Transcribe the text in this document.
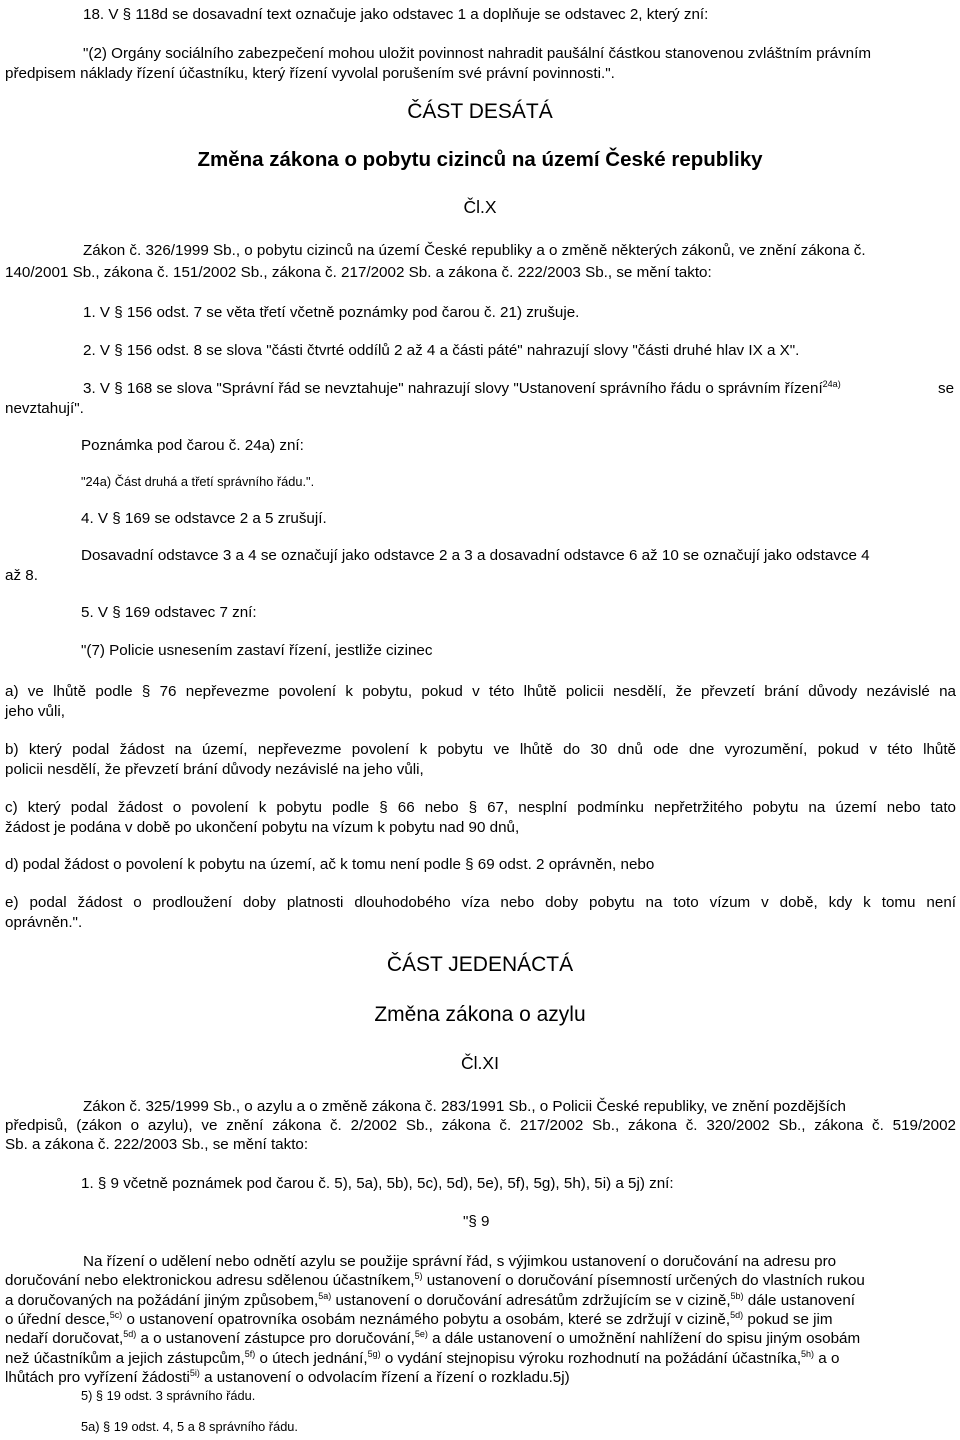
18. V § 118d se dosavadní text označuje jako odstavec 1 a doplňuje se odstavec 2, který zní:
"(2) Orgány sociálního zabezpečení mohou uložit povinnost nahradit paušální částkou stanovenou zvláštním právním
předpisem náklady řízení účastníku, který řízení vyvolal porušením své právní povinnosti.".
ČÁST DESÁTÁ
Změna zákona o pobytu cizinců na území České republiky
Čl.X
Zákon č. 326/1999 Sb., o pobytu cizinců na území České republiky a o změně některých zákonů, ve znění zákona č.
140/2001 Sb., zákona č. 151/2002 Sb., zákona č. 217/2002 Sb. a zákona č. 222/2003 Sb., se mění takto:
1. V § 156 odst. 7 se věta třetí včetně poznámky pod čarou č. 21) zrušuje.
2. V § 156 odst. 8 se slova "části čtvrté oddílů 2 až 4 a části páté" nahrazují slovy "části druhé hlav IX a X".
3. V § 168 se slova "Správní řád se nevztahuje" nahrazují slovy "Ustanovení správního řádu o správním řízení$^{24a)}$	se
nevztahují".
Poznámka pod čarou č. 24a) zní:
"24a) Část druhá a třetí správního řádu.".
4. V § 169 se odstavce 2 a 5 zrušují.
Dosavadní odstavce 3 a 4 se označují jako odstavce 2 a 3 a dosavadní odstavce 6 až 10 se označují jako odstavce 4
až 8.
5. V § 169 odstavec 7 zní:
"(7) Policie usnesením zastaví řízení, jestliže cizinec
a) ve lhůtě podle § 76 nepřevezme povolení k pobytu, pokud v této lhůtě policii nesdělí, že převzetí brání důvody nezávislé na
jeho vůli,
b) který podal žádost na území, nepřevezme povolení k pobytu ve lhůtě do 30 dnů ode dne vyrozumění, pokud v této lhůtě
policii nesdělí, že převzetí brání důvody nezávislé na jeho vůli,
c) který podal žádost o povolení k pobytu podle § 66 nebo § 67, nesplní podmínku nepřetržitého pobytu na území nebo tato
žádost je podána v době po ukončení pobytu na vízum k pobytu nad 90 dnů,
d) podal žádost o povolení k pobytu na území, ač k tomu není podle § 69 odst. 2 oprávněn, nebo
e) podal žádost o prodloužení doby platnosti dlouhodobého víza nebo doby pobytu na toto vízum v době, kdy k tomu není
oprávněn.".
ČÁST JEDENÁCTÁ
Změna zákona o azylu
Čl.XI
Zákon č. 325/1999 Sb., o azylu a o změně zákona č. 283/1991 Sb., o Policii České republiky, ve znění pozdějších
předpisů, (zákon o azylu), ve znění zákona č. 2/2002 Sb., zákona č. 217/2002 Sb., zákona č. 320/2002 Sb., zákona č. 519/2002
Sb. a zákona č. 222/2003 Sb., se mění takto:
1. § 9 včetně poznámek pod čarou č. 5), 5a), 5b), 5c), 5d), 5e), 5f), 5g), 5h), 5i) a 5j) zní:
"§ 9
Na řízení o udělení nebo odnětí azylu se použije správní řád, s výjimkou ustanovení o doručování na adresu pro
doručování nebo elektronickou adresu sdělenou účastníkem,$^{5)}$ ustanovení o doručování písemností určených do vlastních rukou
a doručovaných na požádání jiným způsobem,$^{5a)}$ ustanovení o doručování adresátům zdržujícím se v cizině,$^{5b)}$ dále ustanovení
o úřední desce,$^{5c)}$ o ustanovení opatrovníka osobám neznámého pobytu a osobám, které se zdržují v cizině,$^{5d)}$ pokud se jim
nedaří doručovat,$^{5d)}$ a o ustanovení zástupce pro doručování,$^{5e)}$ a dále ustanovení o umožnění nahlížení do spisu jiným osobám
než účastníkům a jejich zástupcům,$^{5f)}$ o útech jednání,$^{5g)}$ o vydání stejnopisu výroku rozhodnutí na požádání účastníka,$^{5h)}$ a o
lhůtách pro vyřízení žádosti$^{5i)}$ a ustanovení o odvolacím řízení a řízení o rozkladu.5j)
5) § 19 odst. 3 správního řádu.
5a) § 19 odst. 4, 5 a 8 správního řádu.
